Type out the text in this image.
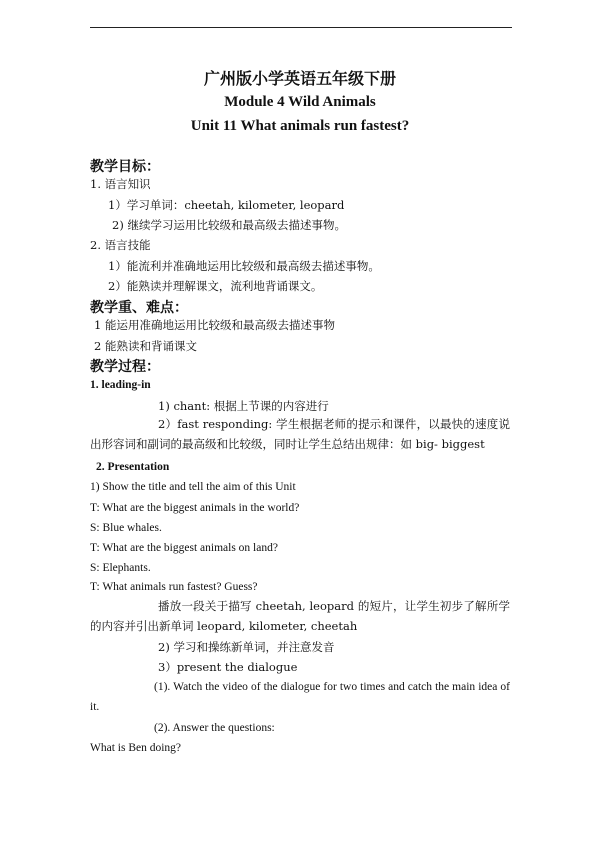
广州版小学英语五年级下册
Module 4 Wild Animals
Unit 11 What animals run fastest?
教学目标：
1. 语言知识
1）学习单词：cheetah, kilometer, leopard
2) 继续学习运用比较级和最高级去描述事物。
2. 语言技能
1）能流利并准确地运用比较级和最高级去描述事物。
2）能熟读并理解课文，流利地背诵课文。
教学重、难点：
1 能运用准确地运用比较级和最高级去描述事物
2 能熟读和背诵课文
教学过程：
1. leading-in
1) chant: 根据上节课的内容进行
2）fast responding: 学生根据老师的提示和课件，以最快的速度说出形容词和副词的最高级和比较级，同时让学生总结出规律：如 big- biggest
2. Presentation
1) Show the title and tell the aim of this Unit
T: What are the biggest animals in the world?
S: Blue whales.
T: What are the biggest animals on land?
S: Elephants.
T: What animals run fastest? Guess?
播放一段关于描写 cheetah, leopard 的短片，让学生初步了解所学的内容并引出新单词 leopard, kilometer, cheetah
2) 学习和操练新单词，并注意发音
3）present the dialogue
(1). Watch the video of the dialogue for two times and catch the main idea of it.
(2). Answer the questions:
What is Ben doing?
